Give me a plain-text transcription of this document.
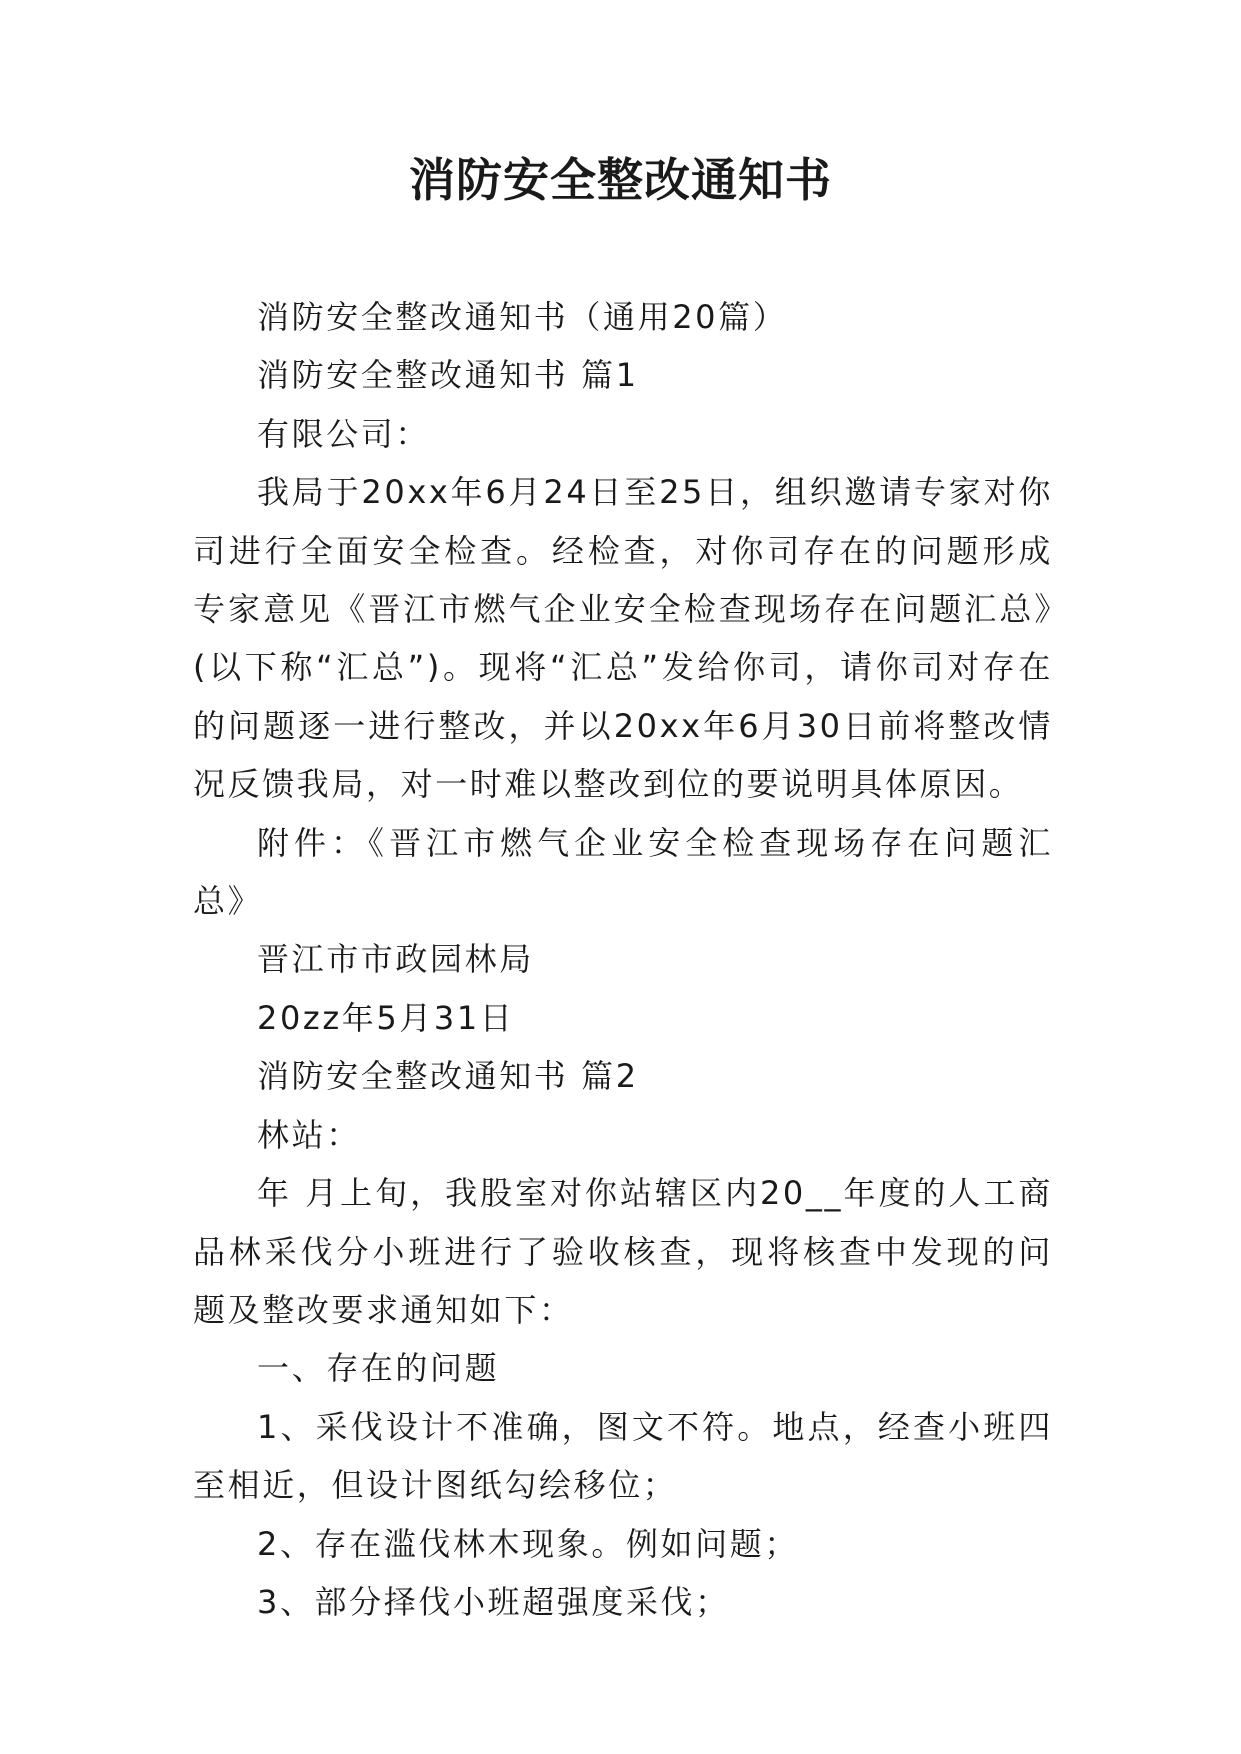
消防安全整改通知书

消防安全整改通知书（通用20篇）

消防安全整改通知书 篇1

有限公司：

我局于20xx年6月24日至25日，组织邀请专家对你司进行全面安全检查。经检查，对你司存在的问题形成专家意见《晋江市燃气企业安全检查现场存在问题汇总》(以下称“汇总”)。现将“汇总”发给你司，请你司对存在的问题逐一进行整改，并以20xx年6月30日前将整改情况反馈我局，对一时难以整改到位的要说明具体原因。

附件：《晋江市燃气企业安全检查现场存在问题汇总》

晋江市市政园林局

20zz年5月31日

消防安全整改通知书 篇2

林站：

年 月上旬，我股室对你站辖区内20__年度的人工商品林采伐分小班进行了验收核查，现将核查中发现的问题及整改要求通知如下：

一、存在的问题

1、采伐设计不准确，图文不符。地点，经查小班四至相近，但设计图纸勾绘移位；

2、存在滥伐林木现象。例如问题；

3、部分择伐小班超强度采伐；
